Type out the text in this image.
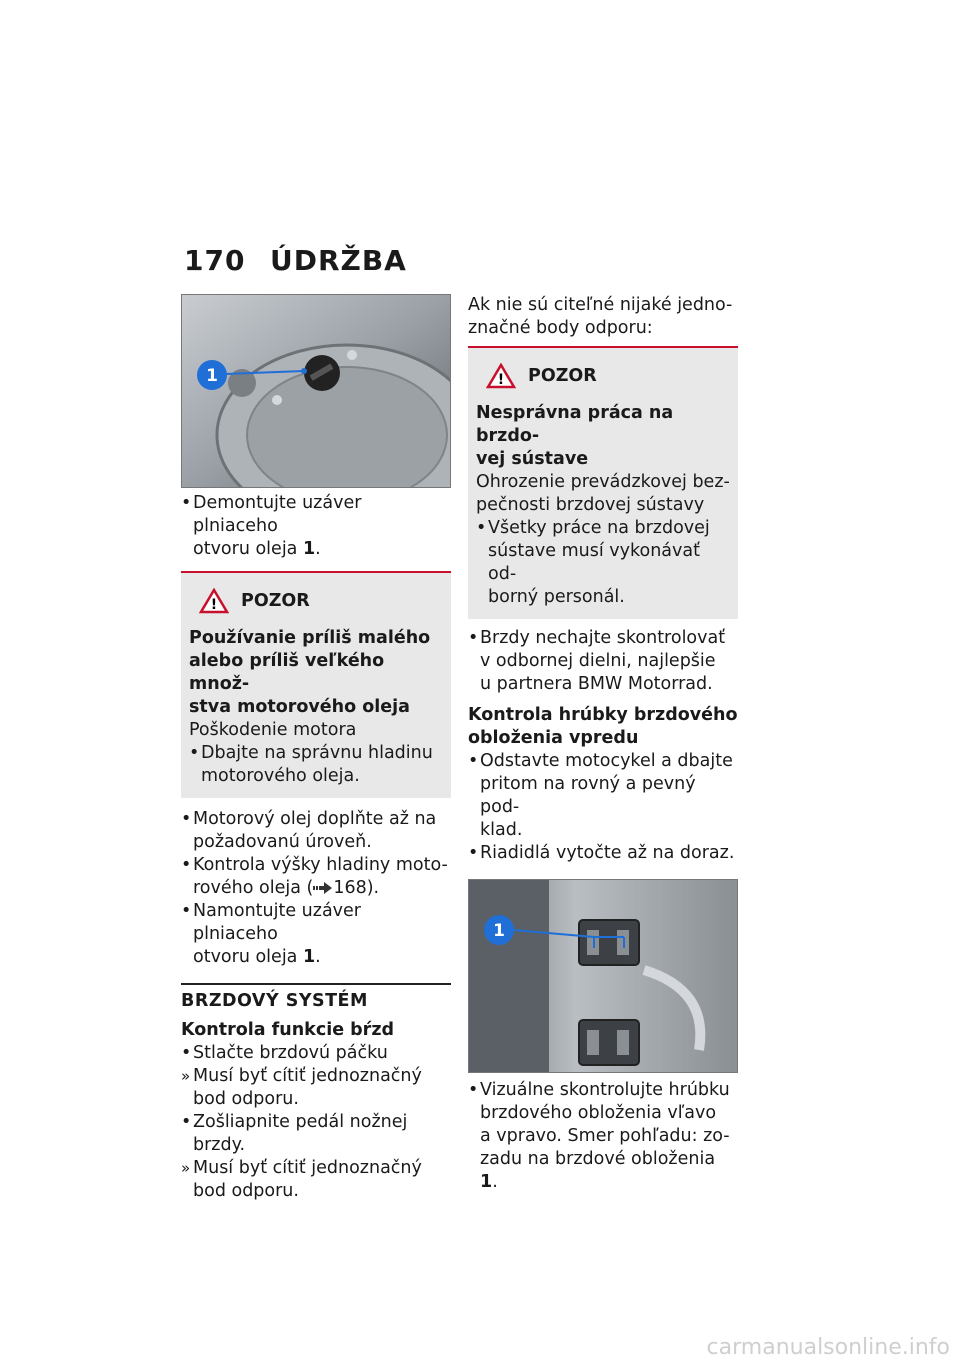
170 ÚDRŽBA
1

• Demontujte uzáver plniaceho
otvoru oleja 1.

! POZOR
Používanie príliš malého
alebo príliš veľkého množ-
stva motorového oleja

Poškodenie motora

• Dbajte na správnu hladinu
motorového oleja.

• Motorový olej doplňte až na
požadovanú úroveň.

• Kontrola výšky hladiny moto-
rového oleja ( 168).

• Namontujte uzáver plniaceho
otvoru oleja 1.

BRZDOVÝ SYSTÉM
Kontrola funkcie bŕzd

• Stlačte brzdovú páčku

» Musí byť cítiť jednoznačný
bod odporu.

• Zošliapnite pedál nožnej
brzdy.

» Musí byť cítiť jednoznačný
bod odporu.

Ak nie sú citeľné nijaké jedno-
značné body odporu:
! POZOR
Nesprávna práca na brzdo-
vej sústave

Ohrozenie prevádzkovej bez-
pečnosti brzdovej sústavy

• Všetky práce na brzdovej
sústave musí vykonávať od-
borný personál.

• Brzdy nechajte skontrolovať
v odbornej dielni, najlepšie
u partnera BMW Motorrad.

Kontrola hrúbky brzdového
obloženia vpredu

• Odstavte motocykel a dbajte
pritom na rovný a pevný pod-
klad.

• Riadidlá vytočte až na doraz.

1

• Vizuálne skontrolujte hrúbku
brzdového obloženia vľavo
a vpravo. Smer pohľadu: zo-
zadu na brzdové obloženia 1.

carmanualsonline.info
